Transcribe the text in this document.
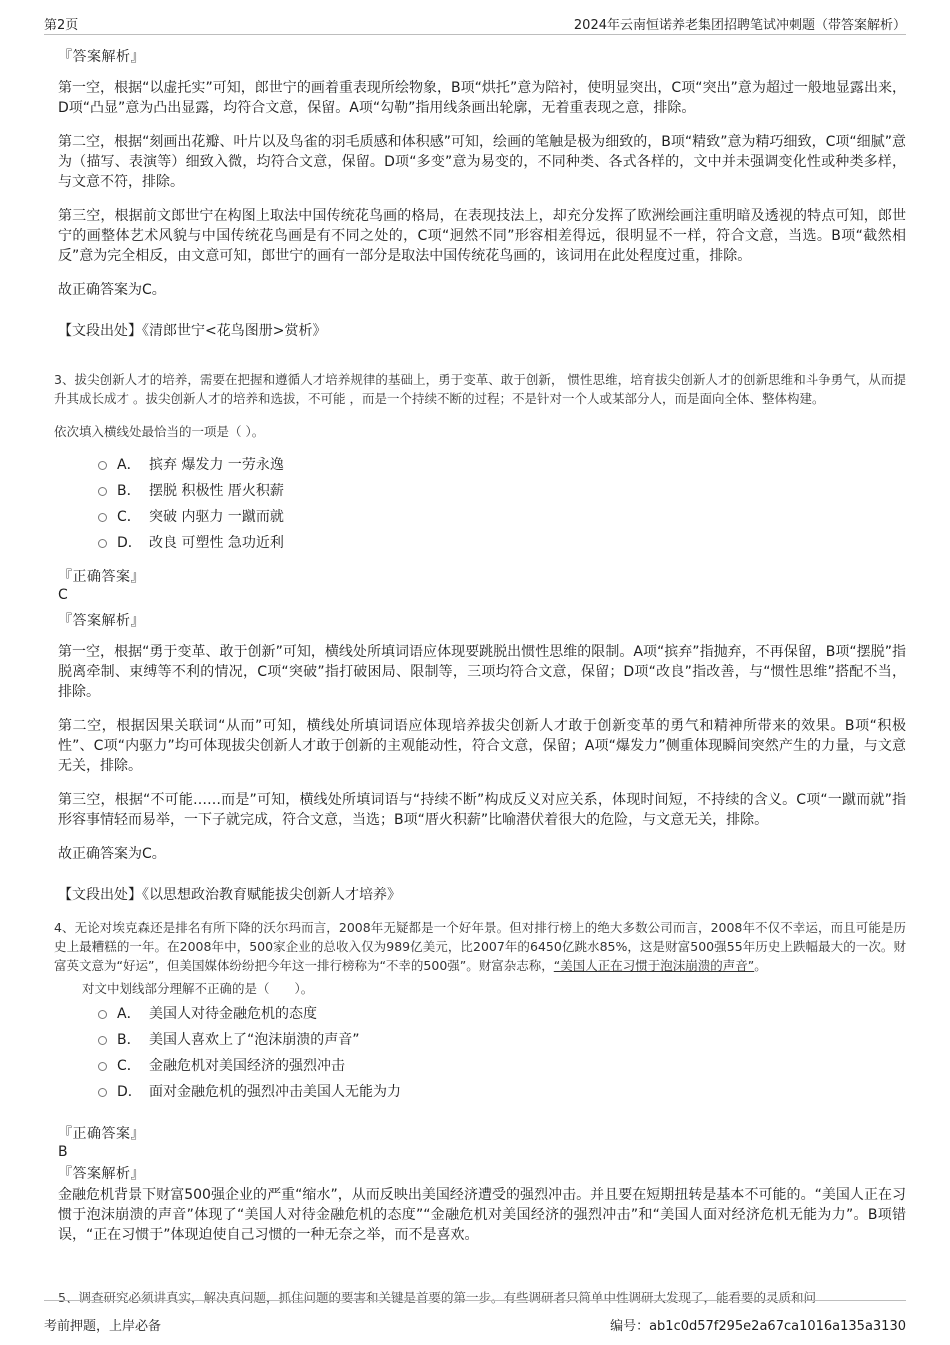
第2页	2024年云南恒诺养老集团招聘笔试冲刺题（带答案解析）

『答案解析』

第一空，根据“以虚托实”可知，郎世宁的画着重表现所绘物象，B项“烘托”意为陪衬，使明显突出，C项“突出”意为超过一般地显露出来，D项“凸显”意为凸出显露，均符合文意，保留。A项“勾勒”指用线条画出轮廓，无着重表现之意，排除。

第二空，根据“刻画出花瓣、叶片以及鸟雀的羽毛质感和体积感”可知，绘画的笔触是极为细致的，B项“精致”意为精巧细致，C项“细腻”意为（描写、表演等）细致入微，均符合文意，保留。D项“多变”意为易变的，不同种类、各式各样的，文中并未强调变化性或种类多样，与文意不符，排除。

第三空，根据前文郎世宁在构图上取法中国传统花鸟画的格局，在表现技法上，却充分发挥了欧洲绘画注重明暗及透视的特点可知，郎世宁的画整体艺术风貌与中国传统花鸟画是有不同之处的，C项“迥然不同”形容相差得远，很明显不一样，符合文意，当选。B项“截然相反”意为完全相反，由文意可知，郎世宁的画有一部分是取法中国传统花鸟画的，该词用在此处程度过重，排除。

故正确答案为C。

【文段出处】《清郎世宁<花鸟图册>赏析》

3、拔尖创新人才的培养，需要在把握和遵循人才培养规律的基础上，勇于变革、敢于创新， 惯性思维，培育拔尖创新人才的创新思维和斗争勇气，从而提升其成长成才 。拔尖创新人才的培养和选拔，不可能 ，而是一个持续不断的过程；不是针对一个人或某部分人，而是面向全体、整体构建。

依次填入横线处最恰当的一项是（ ）。

A． 摈弃 爆发力 一劳永逸
B． 摆脱 积极性 厝火积薪
C． 突破 内驱力 一蹴而就
D． 改良 可塑性 急功近利

『正确答案』

C

『答案解析』

第一空，根据“勇于变革、敢于创新”可知，横线处所填词语应体现要跳脱出惯性思维的限制。A项“摈弃”指抛弃，不再保留，B项“摆脱”指脱离牵制、束缚等不利的情况，C项“突破”指打破困局、限制等，三项均符合文意，保留；D项“改良”指改善，与“惯性思维”搭配不当，排除。

第二空，根据因果关联词“从而”可知，横线处所填词语应体现培养拔尖创新人才敢于创新变革的勇气和精神所带来的效果。B项“积极性”、C项“内驱力”均可体现拔尖创新人才敢于创新的主观能动性，符合文意，保留；A项“爆发力”侧重体现瞬间突然产生的力量，与文意无关，排除。

第三空，根据“不可能……而是”可知，横线处所填词语与“持续不断”构成反义对应关系，体现时间短，不持续的含义。C项“一蹴而就”指形容事情轻而易举，一下子就完成，符合文意，当选；B项“厝火积薪”比喻潜伏着很大的危险，与文意无关，排除。

故正确答案为C。

【文段出处】《以思想政治教育赋能拔尖创新人才培养》

4、无论对埃克森还是排名有所下降的沃尔玛而言，2008年无疑都是一个好年景。但对排行榜上的绝大多数公司而言，2008年不仅不幸运，而且可能是历史上最糟糕的一年。在2008年中，500家企业的总收入仅为989亿美元，比2007年的6450亿跳水85%，这是财富500强55年历史上跌幅最大的一次。财富英文意为“好运”，但美国媒体纷纷把今年这一排行榜称为“不幸的500强”。财富杂志称，“美国人正在习惯于泡沫崩溃的声音”。

对文中划线部分理解不正确的是（　　）。

A． 美国人对待金融危机的态度
B． 美国人喜欢上了“泡沫崩溃的声音”
C． 金融危机对美国经济的强烈冲击
D． 面对金融危机的强烈冲击美国人无能为力

『正确答案』

B

『答案解析』

金融危机背景下财富500强企业的严重“缩水”，从而反映出美国经济遭受的强烈冲击。并且要在短期扭转是基本不可能的。“美国人正在习惯于泡沫崩溃的声音”体现了“美国人对待金融危机的态度”“金融危机对美国经济的强烈冲击”和“美国人面对经济危机无能为力”。B项错误，“正在习惯于”体现迫使自己习惯的一种无奈之举，而不是喜欢。

5、调查研究必须讲真实，解决真问题，抓住问题的要害和关键是首要的第一步。有些调研者只简单中性调研大发现了，能看要的灵质和问
考前押题，上岸必备	编号：ab1c0d57f295e2a67ca1016a135a3130
